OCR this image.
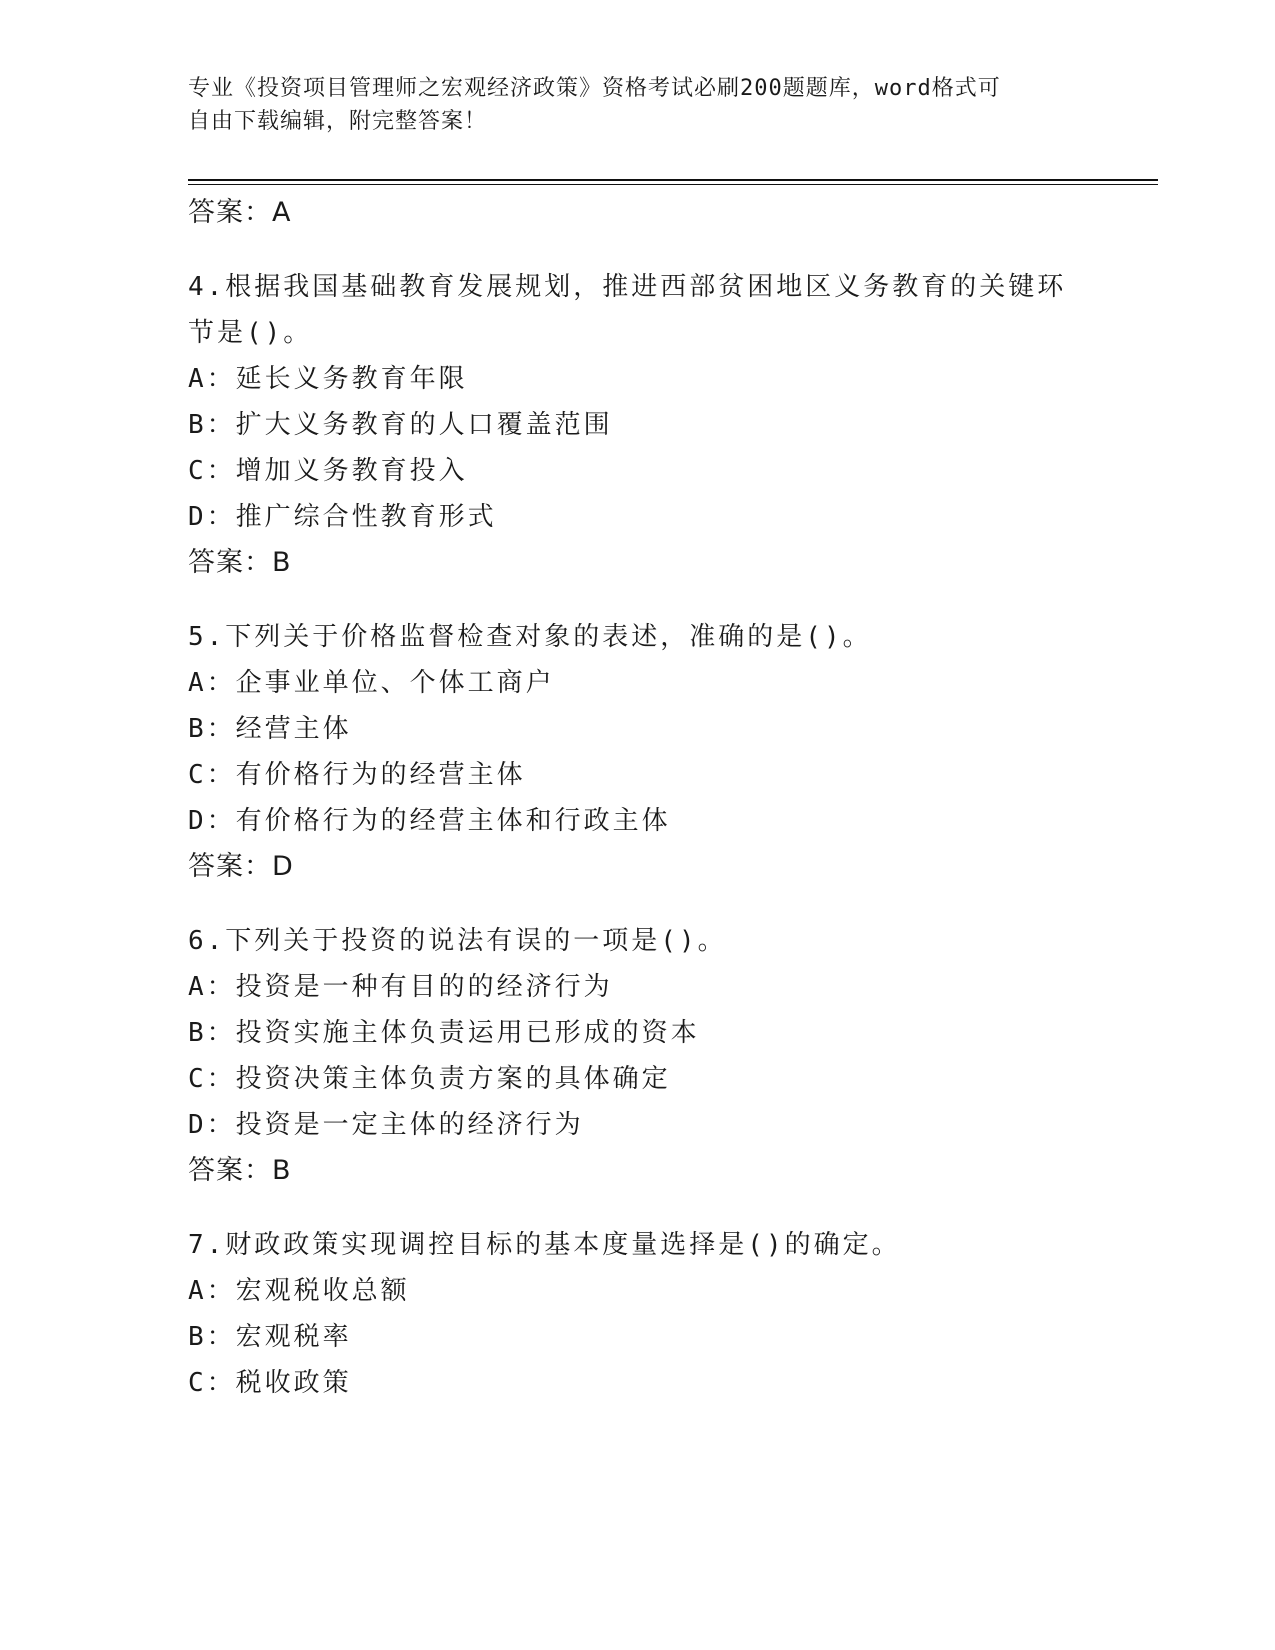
专业《投资项目管理师之宏观经济政策》资格考试必刷200题题库，word格式可
自由下载编辑，附完整答案！
答案：A
4.根据我国基础教育发展规划，推进西部贫困地区义务教育的关键环
节是()。
A：延长义务教育年限
B：扩大义务教育的人口覆盖范围
C：增加义务教育投入
D：推广综合性教育形式
答案：B
5.下列关于价格监督检查对象的表述，准确的是()。
A：企事业单位、个体工商户
B：经营主体
C：有价格行为的经营主体
D：有价格行为的经营主体和行政主体
答案：D
6.下列关于投资的说法有误的一项是()。
A：投资是一种有目的的经济行为
B：投资实施主体负责运用已形成的资本
C：投资决策主体负责方案的具体确定
D：投资是一定主体的经济行为
答案：B
7.财政政策实现调控目标的基本度量选择是()的确定。
A：宏观税收总额
B：宏观税率
C：税收政策
